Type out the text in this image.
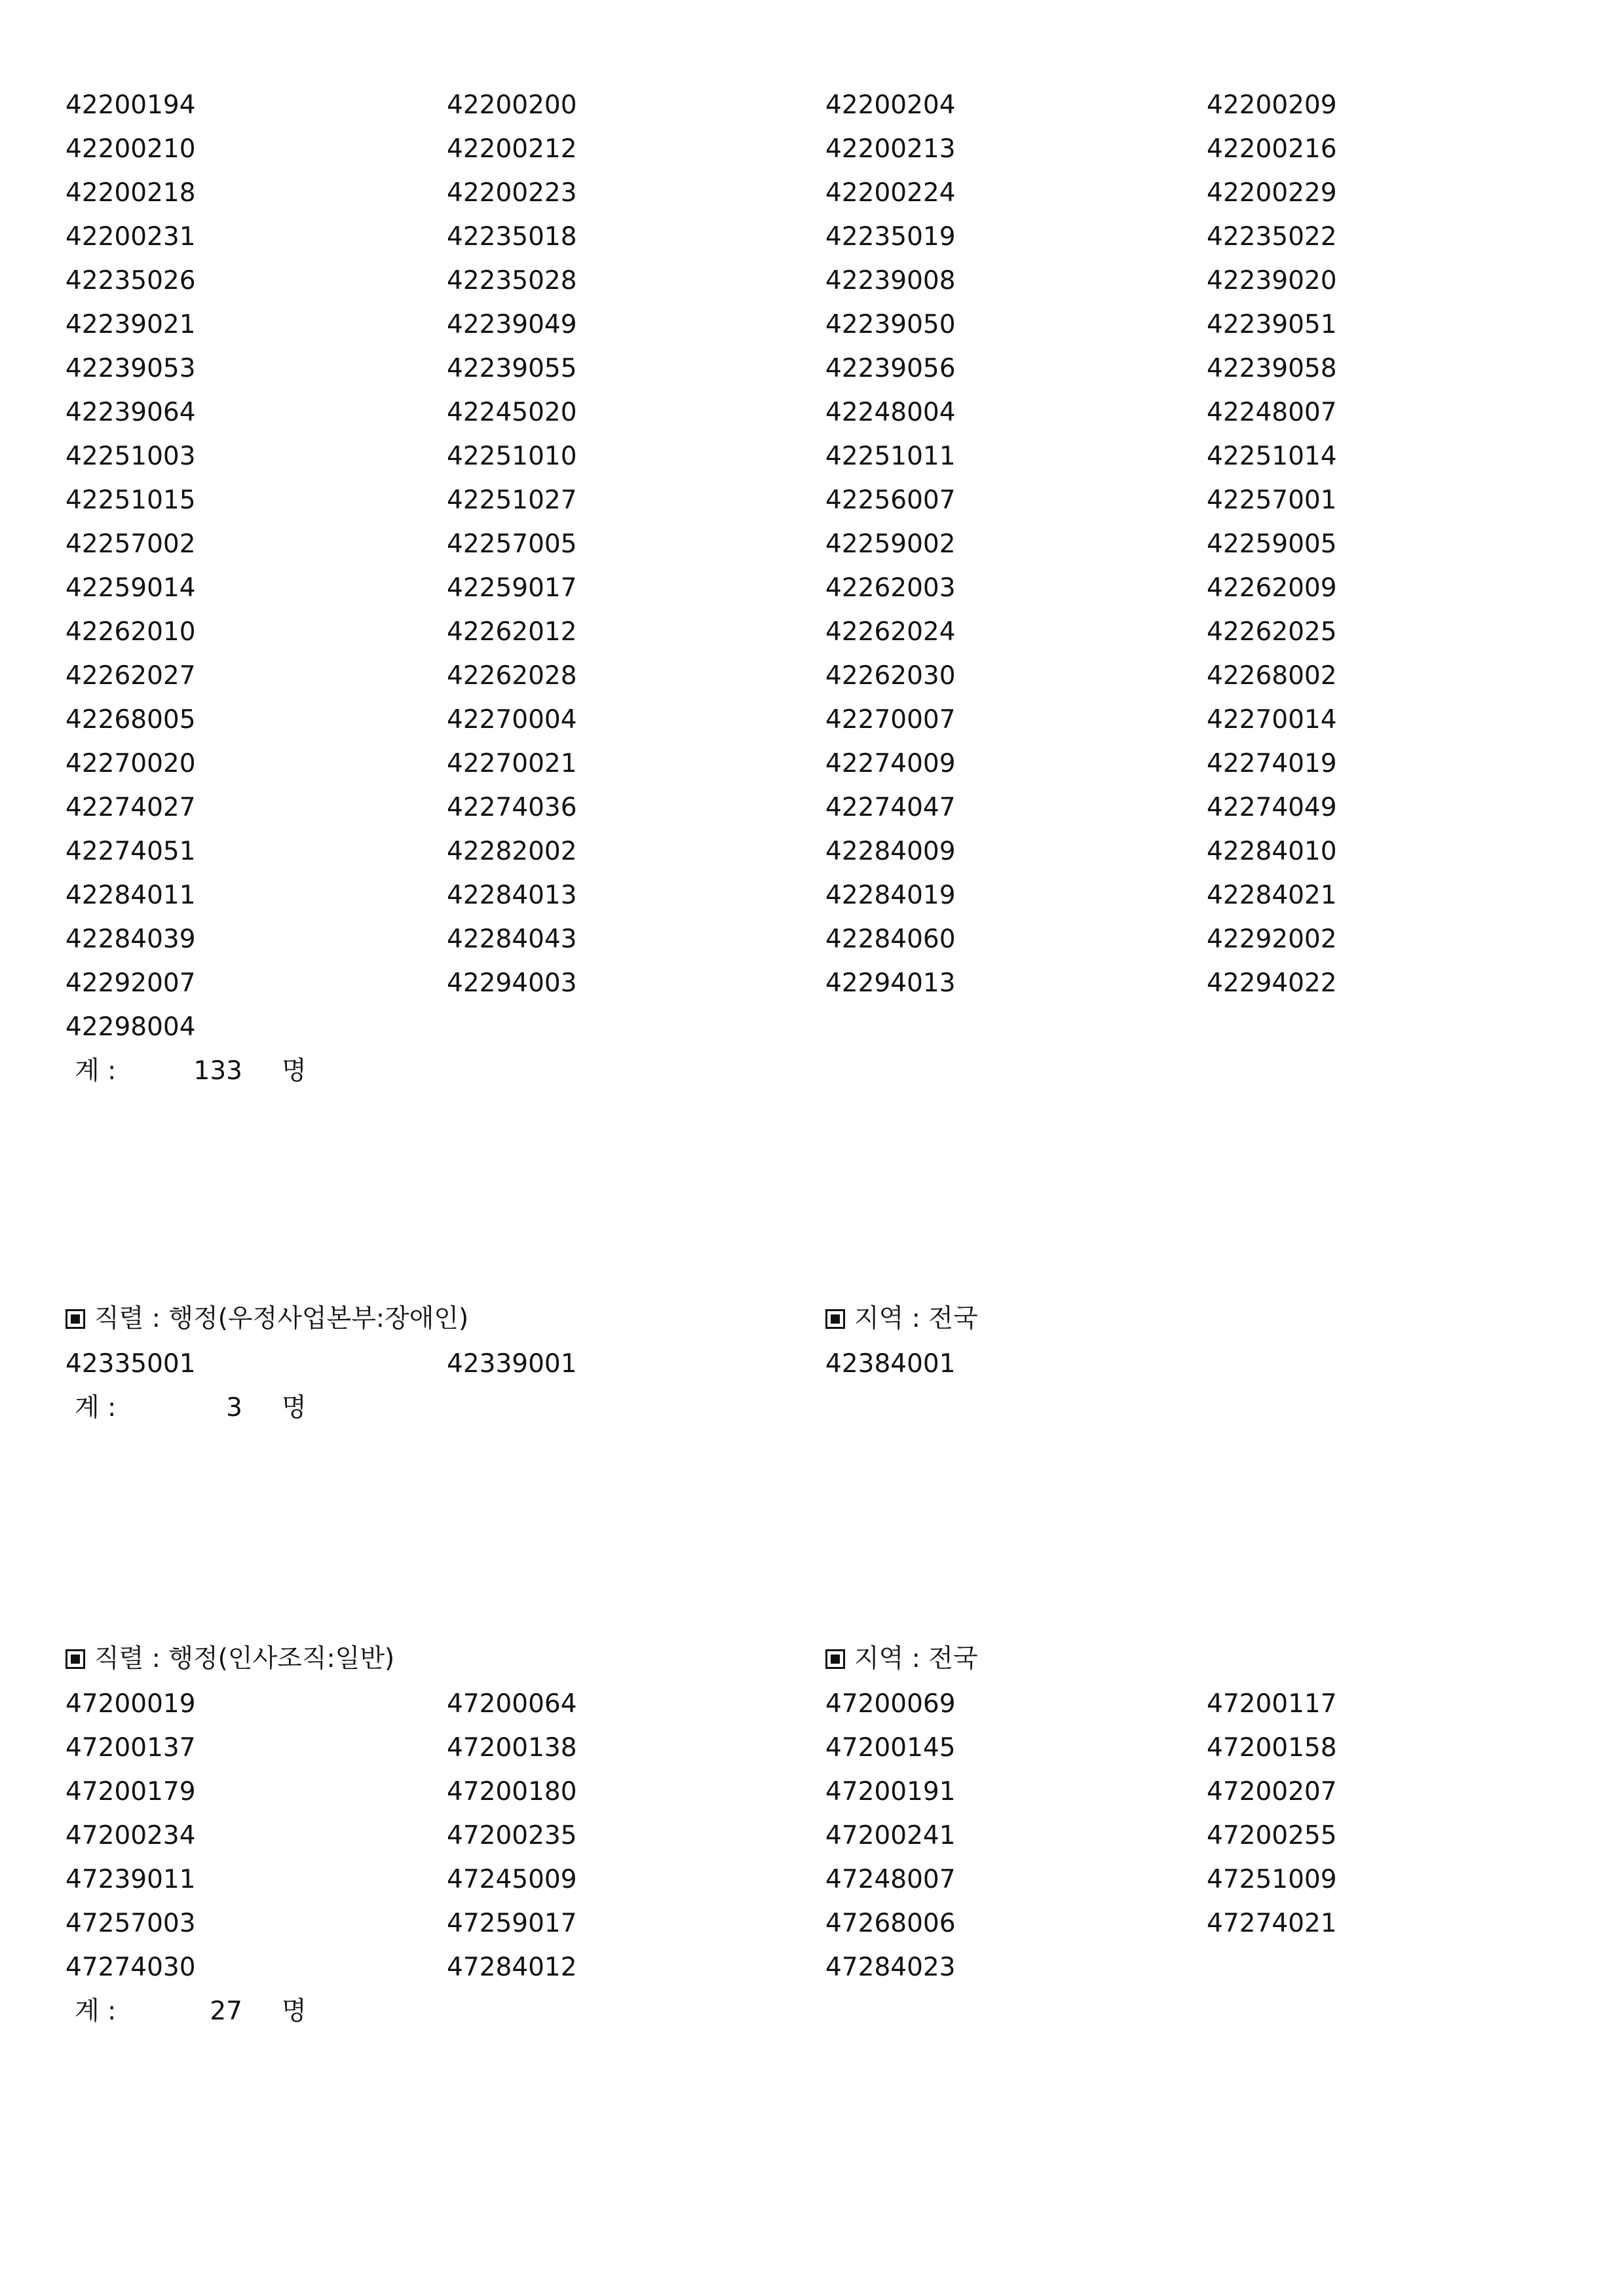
42200194	42200200	42200204	42200209
42200210	42200212	42200213	42200216
42200218	42200223	42200224	42200229
42200231	42235018	42235019	42235022
42235026	42235028	42239008	42239020
42239021	42239049	42239050	42239051
42239053	42239055	42239056	42239058
42239064	42245020	42248004	42248007
42251003	42251010	42251011	42251014
42251015	42251027	42256007	42257001
42257002	42257005	42259002	42259005
42259014	42259017	42262003	42262009
42262010	42262012	42262024	42262025
42262027	42262028	42262030	42268002
42268005	42270004	42270007	42270014
42270020	42270021	42274009	42274019
42274027	42274036	42274047	42274049
42274051	42282002	42284009	42284010
42284011	42284013	42284019	42284021
42284039	42284043	42284060	42292002
42292007	42294003	42294013	42294022
42298004
계 :	133 명
직렬 : 행정(우정사업본부:장애인)	지역 : 전국
42335001	42339001	42384001
계 :	3 명
직렬 : 행정(인사조직:일반)	지역 : 전국
47200019	47200064	47200069	47200117
47200137	47200138	47200145	47200158
47200179	47200180	47200191	47200207
47200234	47200235	47200241	47200255
47239011	47245009	47248007	47251009
47257003	47259017	47268006	47274021
47274030	47284012	47284023
계 :	27 명
